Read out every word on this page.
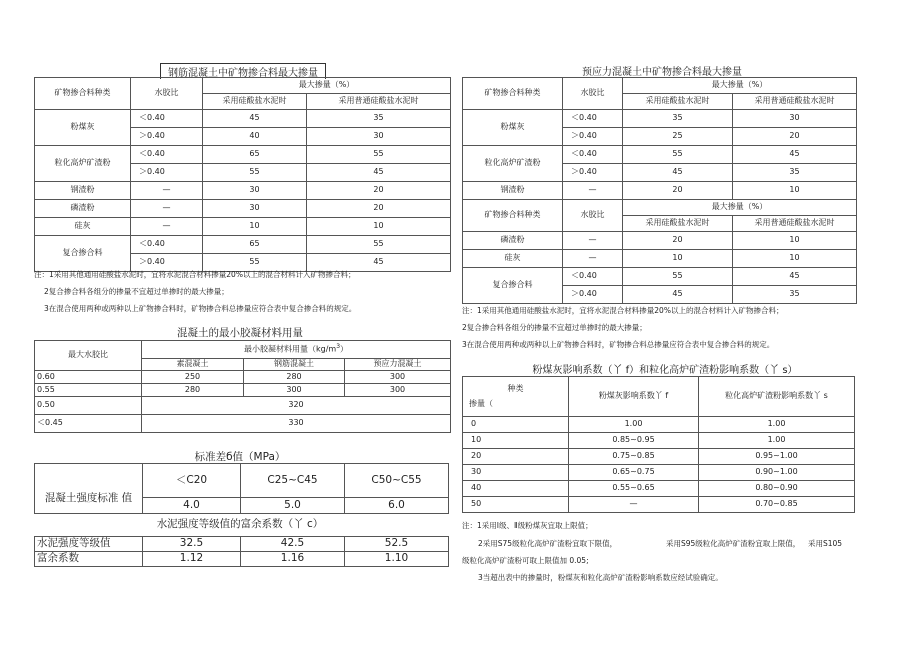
钢筋混凝土中矿物掺合料最大掺量
矿物掺合料种类	水胶比	最大掺量（%）	
		采用硅酸盐水泥时	采用普通硅酸盐水泥时
粉煤灰	＜0.40	45	35
	＞0.40	40	30
粒化高炉矿渣粉	＜0.40	65	55
	＞0.40	55	45
钢渣粉	—	30	20
磷渣粉	—	30	20
硅灰	—	10	10
复合掺合料	＜0.40	65	55
	＞0.40	55	45
注：1采用其他通用硅酸盐水泥时，宜将水泥混合材料掺量20%以上的混合材料计入矿物掺合料；
2复合掺合料各组分的掺量不宜超过单掺时的最大掺量；
3在混合使用两种或两种以上矿物掺合料时，矿物掺合料总掺量应符合表中复合掺合料的规定。
混凝土的最小胶凝材料用量
最大水胶比	最小胶凝材料用量$(kg/m^3)$		
	素混凝土	钢筋混凝土	预应力混凝土
0.60	250	280	300
0.55	280	300	300
0.50	320		
＜0.45	330		
标准差б值（MPa）
混凝土强度标准 值	＜C20	C25~C45	C50~C55
	4.0	5.0	6.0
水泥强度等级值的富余系数（丫 c）
水泥强度等级值	32.5	42.5	52.5
富余系数	1.12	1.16	1.10
预应力混凝土中矿物掺合料最大掺量
矿物掺合料种类	水胶比	最大掺量（%）	
		采用硅酸盐水泥时	采用普通硅酸盐水泥时
粉煤灰	＜0.40	35	30
	＞0.40	25	20
粒化高炉矿渣粉	＜0.40	55	45
	＞0.40	45	35
钢渣粉	—	20	10
矿物掺合料种类	水胶比	最大掺量（%）	
		采用硅酸盐水泥时	采用普通硅酸盐水泥时
磷渣粉	—	20	10
硅灰	—	10	10
复合掺合料	＜0.40	55	45
	＞0.40	45	35
注：1采用其他通用硅酸盐水泥时，宜将水泥混合材料掺量20%以上的混合材料计入矿物掺合料；
2复合掺合料各组分的掺量不宜超过单掺时的最大掺量；
3在混合使用两种或两种以上矿物掺合料时，矿物掺合料总掺量应符合表中复合掺合料的规定。
粉煤灰影响系数（丫 f）和粒化高炉矿渣粉影响系数（丫 s）
种类
掺量（	粉煤灰影响系数丫 f	粒化高炉矿渣粉影响系数丫 s
0	1.00	1.00
10	0.85~0.95	1.00
20	0.75~0.85	0.95~1.00
30	0.65~0.75	0.90~1.00
40	0.55~0.65	0.80~0.90
50	—	0.70~0.85
注：1采用Ⅰ级、Ⅱ级粉煤灰宜取上限值；
2采用S75级粒化高炉矿渣粉宜取下限值，	采用S95级粒化高炉矿渣粉宜取上限值， 采用S105
级粒化高炉矿渣粉可取上限值加 0.05;
3当超出表中的掺量时，粉煤灰和粒化高炉矿渣粉影响系数应经试验确定。
